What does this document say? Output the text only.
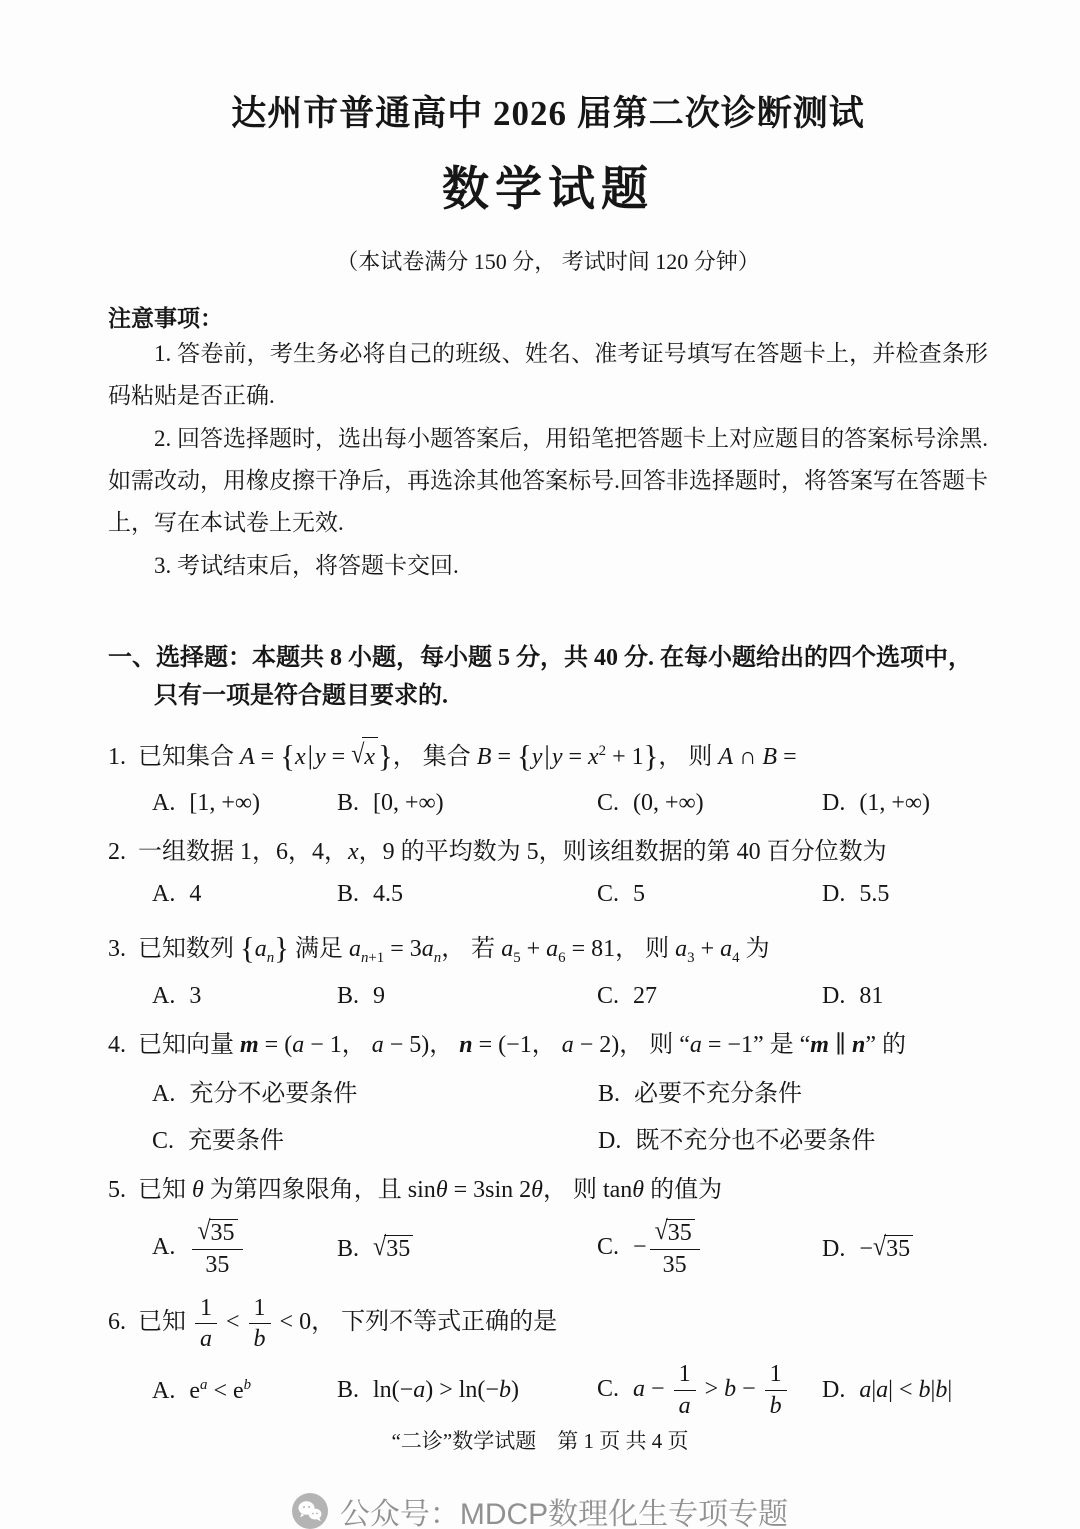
达州市普通高中 2026 届第二次诊断测试
数学试题
（本试卷满分 150 分， 考试时间 120 分钟）
注意事项：

1. 答卷前，考生务必将自己的班级、姓名、准考证号填写在答题卡上，并检查条形码粘贴是否正确.

2. 回答选择题时，选出每小题答案后，用铅笔把答题卡上对应题目的答案标号涂黑. 如需改动，用橡皮擦干净后，再选涂其他答案标号.回答非选择题时，将答案写在答题卡上，写在本试卷上无效.

3. 考试结束后，将答题卡交回.

一、选择题：本题共 8 小题，每小题 5 分，共 40 分. 在每小题给出的四个选项中，只有一项是符合题目要求的.
1. 已知集合 A = {x|y = √x}， 集合 $B = \{y|y = x^2 + 1\}$， 则 A ∩ B =
A. [1, +∞)	B. [0, +∞)	C. (0, +∞)	D. (1, +∞)
2. 一组数据 1，6，4，x，9 的平均数为 5，则该组数据的第 40 百分位数为
A. 4	B. 4.5	C. 5	D. 5.5
3. 已知数列 $\{a_n\}$ 满足 $a_{n+1} = 3a_n$， 若 $a_5 + a_6 = 81$， 则 $a_3 + a_4$ 为
A. 3	B. 9	C. 27	D. 81
4. 已知向量 m = (a − 1， a − 5)， n = (−1， a − 2)， 则 “a = −1” 是 “m ∥ n” 的
A. 充分不必要条件	B. 必要不充分条件
C. 充要条件	D. 既不充分也不必要条件
5. 已知 θ 为第四象限角，且 sinθ = 3sin 2θ， 则 tanθ 的值为
A. $\frac{√35}{35}$	B. √35	C. − $\frac{√35}{35}$	D. −√35
6. 已知 $\frac{1}{a} < \frac{1}{b} < 0$， 下列不等式正确的是
A. $e^a < e^b$	B. ln(−a) > ln(−b)	C. $a - \frac{1}{a} > b - \frac{1}{b} D$. a|a| < b|b|
“二诊”数学试题　第 1 页 共 4 页
公众号：MDCP数理化生专项专题
